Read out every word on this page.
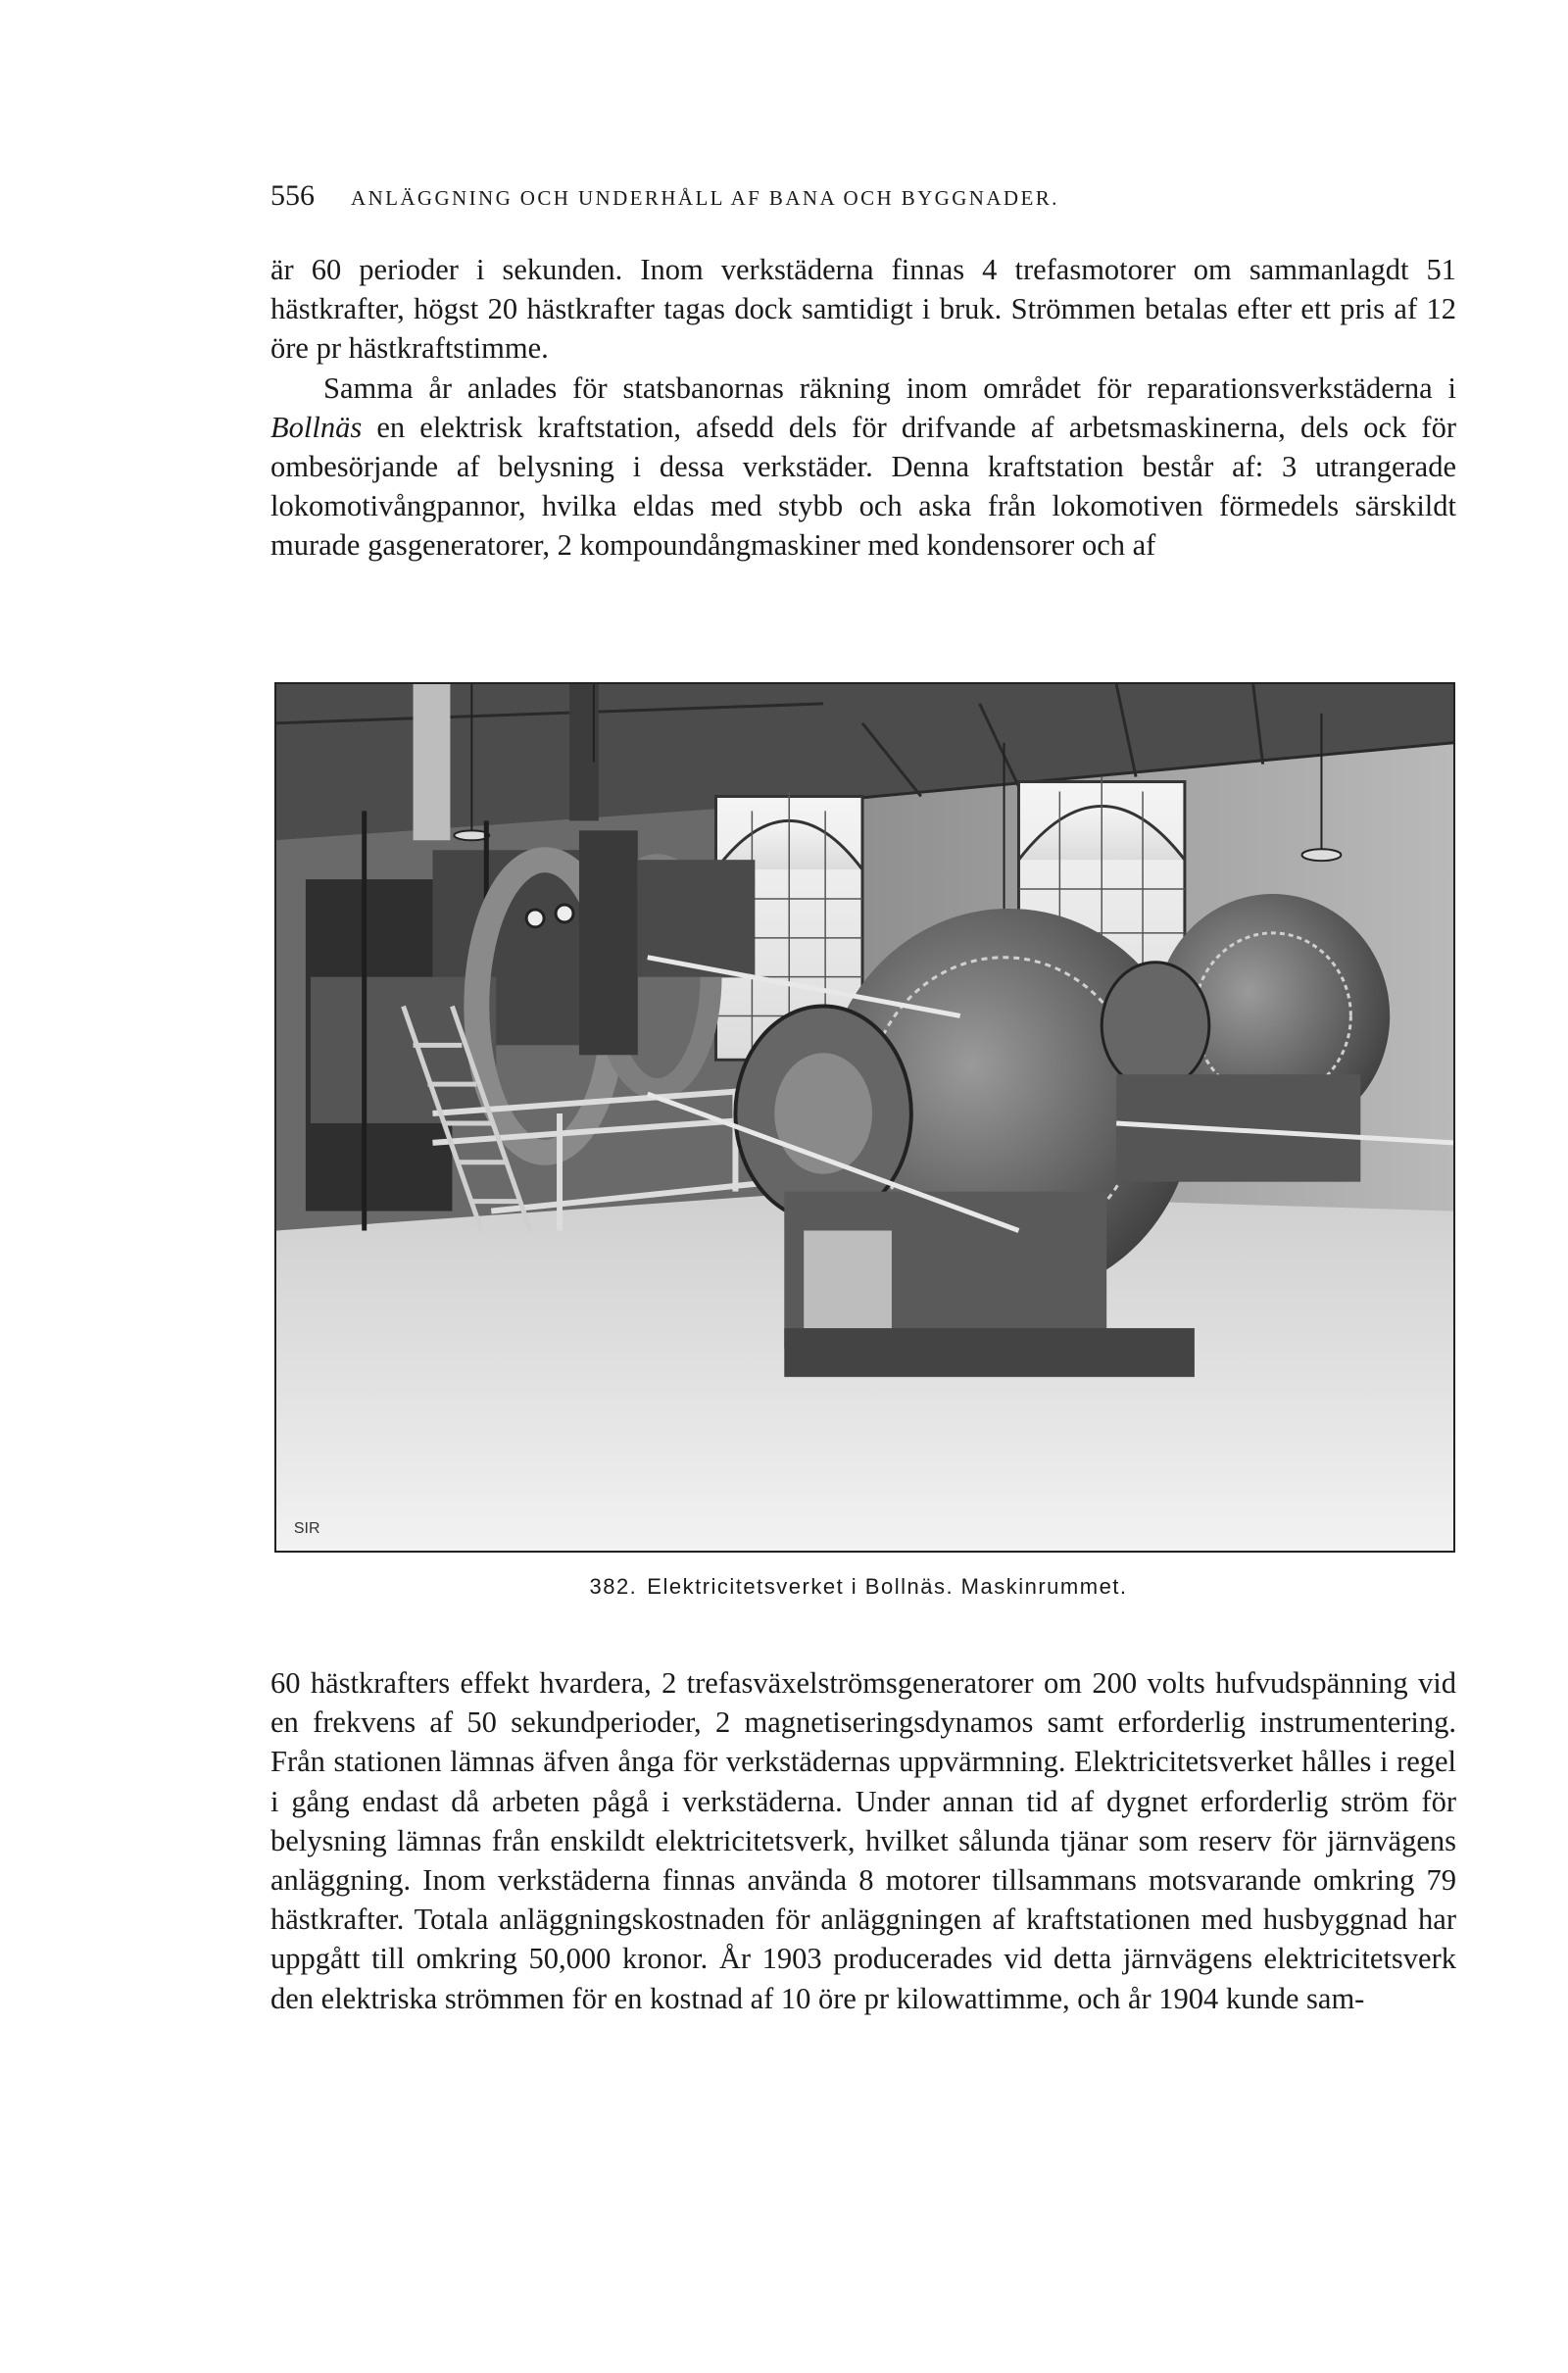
556 ANLÄGGNING OCH UNDERHÅLL AF BANA OCH BYGGNADER.

är 60 perioder i sekunden. Inom verkstäderna finnas 4 trefasmotorer om sammanlagdt 51 hästkrafter, högst 20 hästkrafter tagas dock samtidigt i bruk. Strömmen betalas efter ett pris af 12 öre pr hästkraftstimme.

Samma år anlades för statsbanornas räkning inom området för reparationsverkstäderna i Bollnäs en elektrisk kraftstation, afsedd dels för drifvande af arbetsmaskinerna, dels ock för ombesörjande af belysning i dessa verkstäder. Denna kraftstation består af: 3 utrangerade lokomotivångpannor, hvilka eldas med stybb och aska från lokomotiven förmedels särskildt murade gasgeneratorer, 2 kompoundångmaskiner med kondensorer och af

SIR
382. Elektricitetsverket i Bollnäs. Maskinrummet.

60 hästkrafters effekt hvardera, 2 trefasväxelströmsgeneratorer om 200 volts hufvudspänning vid en frekvens af 50 sekundperioder, 2 magnetiseringsdynamos samt erforderlig instrumentering. Från stationen lämnas äfven ånga för verkstädernas uppvärmning. Elektricitetsverket hålles i regel i gång endast då arbeten pågå i verkstäderna. Under annan tid af dygnet erforderlig ström för belysning lämnas från enskildt elektricitetsverk, hvilket sålunda tjänar som reserv för järnvägens anläggning. Inom verkstäderna finnas använda 8 motorer tillsammans motsvarande omkring 79 hästkrafter. Totala anläggningskostnaden för anläggningen af kraftstationen med husbyggnad har uppgått till omkring 50,000 kronor. År 1903 producerades vid detta järnvägens elektricitetsverk den elektriska strömmen för en kostnad af 10 öre pr kilowattimme, och år 1904 kunde sam-
